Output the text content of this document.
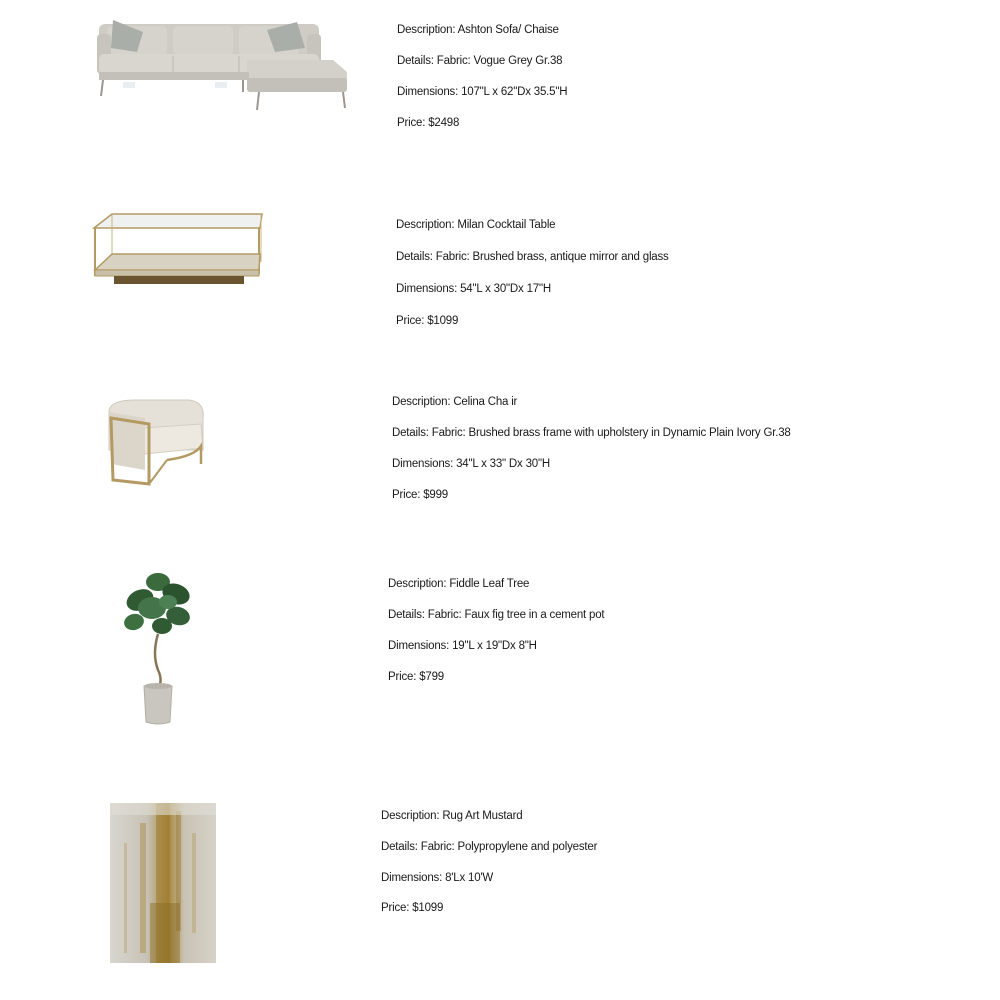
Description: Ashton Sofa/ Chaise
Details: Fabric: Vogue Grey Gr.38
Dimensions: 107"L x 62"Dx 35.5"H
Price: $2498
Description: Milan Cocktail Table
Details: Fabric: Brushed brass, antique mirror and glass
Dimensions: 54"L x 30"Dx 17"H
Price: $1099
Description: Celina Cha ir
Details: Fabric: Brushed brass frame with upholstery in Dynamic Plain Ivory Gr.38
Dimensions: 34"L x 33" Dx 30"H
Price: $999
Description: Fiddle Leaf Tree
Details: Fabric: Faux fig tree in a cement pot
Dimensions: 19"L x 19"Dx 8"H
Price: $799
Description: Rug Art Mustard
Details: Fabric: Polypropylene and polyester
Dimensions: 8'Lx 10'W
Price: $1099
